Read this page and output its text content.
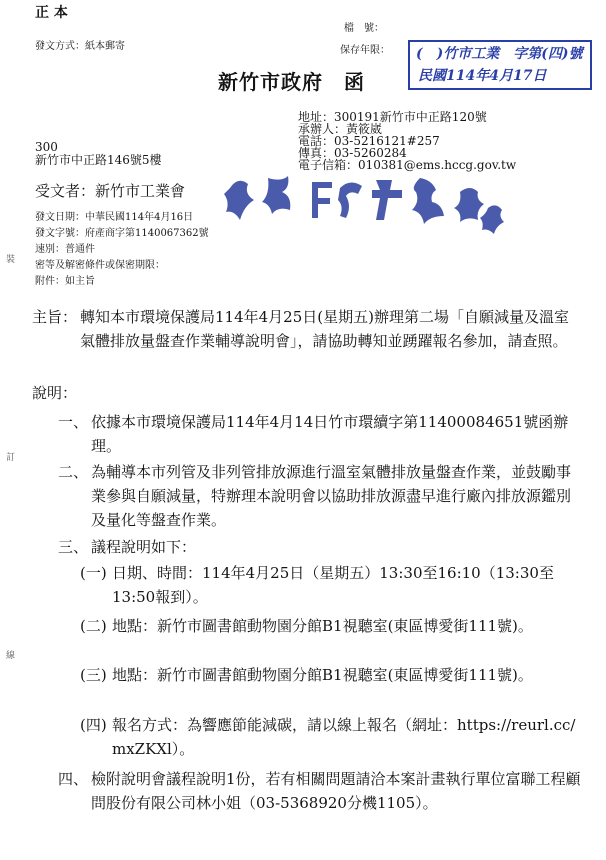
正 本
發文方式：紙本郵寄
檔　號：
保存年限： (　)竹市工業　字第(四)號
民國114年4月17日
新竹市政府　函
地址：300191新竹市中正路120號
承辦人：黃筱崴
電話：03-5216121#257
傳真：03-5260284
電子信箱：010381@ems.hccg.gov.tw
300
新竹市中正路146號5樓
受文者：新竹市工業會
發文日期：中華民國114年4月16日
發文字號：府產商字第1140067362號
速別：普通件
密等及解密條件或保密期限：
附件：如主旨
裝
訂
線
主旨： 轉知本市環境保護局114年4月25日(星期五)辦理第二場「自願減量及溫室氣體排放量盤查作業輔導說明會」，請協助轉知並踴躍報名參加，請查照。
說明：
一、 依據本市環境保護局114年4月14日竹市環續字第11400084651號函辦理。
二、 為輔導本市列管及非列管排放源進行溫室氣體排放量盤查作業，並鼓勵事業參與自願減量，特辦理本說明會以協助排放源盡早進行廠內排放源鑑別及量化等盤查作業。
三、 議程說明如下：
(一) 日期、時間：114年4月25日（星期五）13:30至16:10（13:30至13:50報到）。
(二) 地點：新竹市圖書館動物園分館B1視聽室(東區博愛街111號)。
(三) 地點：新竹市圖書館動物園分館B1視聽室(東區博愛街111號)。
(四) 報名方式：為響應節能減碳，請以線上報名（網址：https://reurl.cc/mxZKXl）。
四、 檢附說明會議程說明1份，若有相關問題請洽本案計畫執行單位富聯工程顧問股份有限公司林小姐（03-5368920分機1105）。
